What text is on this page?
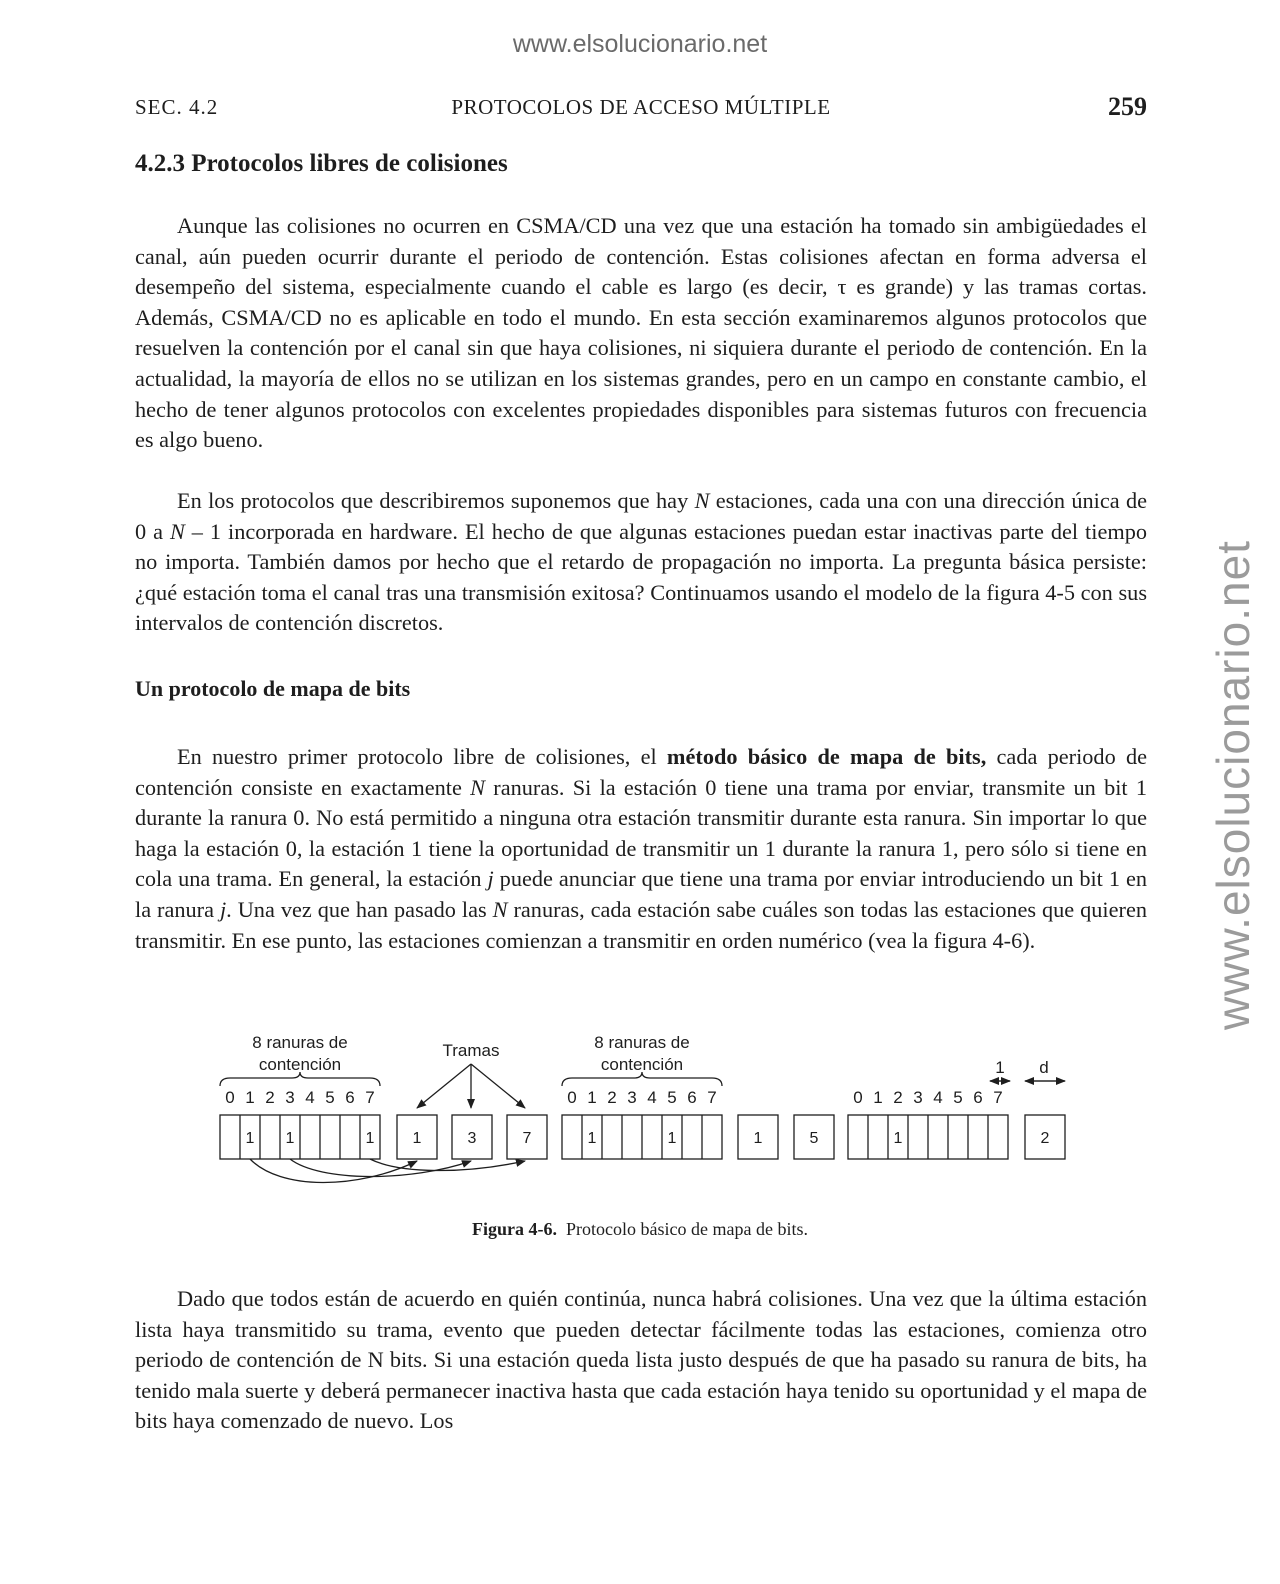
www.elsolucionario.net
www.elsolucionario.net
SEC. 4.2	PROTOCOLOS DE ACCESO MÚLTIPLE	259
4.2.3 Protocolos libres de colisiones

Aunque las colisiones no ocurren en CSMA/CD una vez que una estación ha tomado sin ambigüedades el canal, aún pueden ocurrir durante el periodo de contención. Estas colisiones afectan en forma adversa el desempeño del sistema, especialmente cuando el cable es largo (es decir, τ es grande) y las tramas cortas. Además, CSMA/CD no es aplicable en todo el mundo. En esta sección examinaremos algunos protocolos que resuelven la contención por el canal sin que haya colisiones, ni siquiera durante el periodo de contención. En la actualidad, la mayoría de ellos no se utilizan en los sistemas grandes, pero en un campo en constante cambio, el hecho de tener algunos protocolos con excelentes propiedades disponibles para sistemas futuros con frecuencia es algo bueno.

En los protocolos que describiremos suponemos que hay N estaciones, cada una con una dirección única de 0 a N – 1 incorporada en hardware. El hecho de que algunas estaciones puedan estar inactivas parte del tiempo no importa. También damos por hecho que el retardo de propagación no importa. La pregunta básica persiste: ¿qué estación toma el canal tras una transmisión exitosa? Continuamos usando el modelo de la figura 4-5 con sus intervalos de contención discretos.

Un protocolo de mapa de bits

En nuestro primer protocolo libre de colisiones, el método básico de mapa de bits, cada periodo de contención consiste en exactamente N ranuras. Si la estación 0 tiene una trama por enviar, transmite un bit 1 durante la ranura 0. No está permitido a ninguna otra estación transmitir durante esta ranura. Sin importar lo que haga la estación 0, la estación 1 tiene la oportunidad de transmitir un 1 durante la ranura 1, pero sólo si tiene en cola una trama. En general, la estación j puede anunciar que tiene una trama por enviar introduciendo un bit 1 en la ranura j. Una vez que han pasado las N ranuras, cada estación sabe cuáles son todas las estaciones que quieren transmitir. En ese punto, las estaciones comienzan a transmitir en orden numérico (vea la figura 4-6).

1 1	1
0 1 2 3 4 5 6 7
1	3	7	1	1
0 1 2 3 4 5 6 7
1	5	1
0 1 2 3 4 5 6 7
2
8 ranuras de
contención
8 ranuras de
contención
Tramas
1 d
Figura 4-6. Protocolo básico de mapa de bits.

Dado que todos están de acuerdo en quién continúa, nunca habrá colisiones. Una vez que la última estación lista haya transmitido su trama, evento que pueden detectar fácilmente todas las estaciones, comienza otro periodo de contención de N bits. Si una estación queda lista justo después de que ha pasado su ranura de bits, ha tenido mala suerte y deberá permanecer inactiva hasta que cada estación haya tenido su oportunidad y el mapa de bits haya comenzado de nuevo. Los
